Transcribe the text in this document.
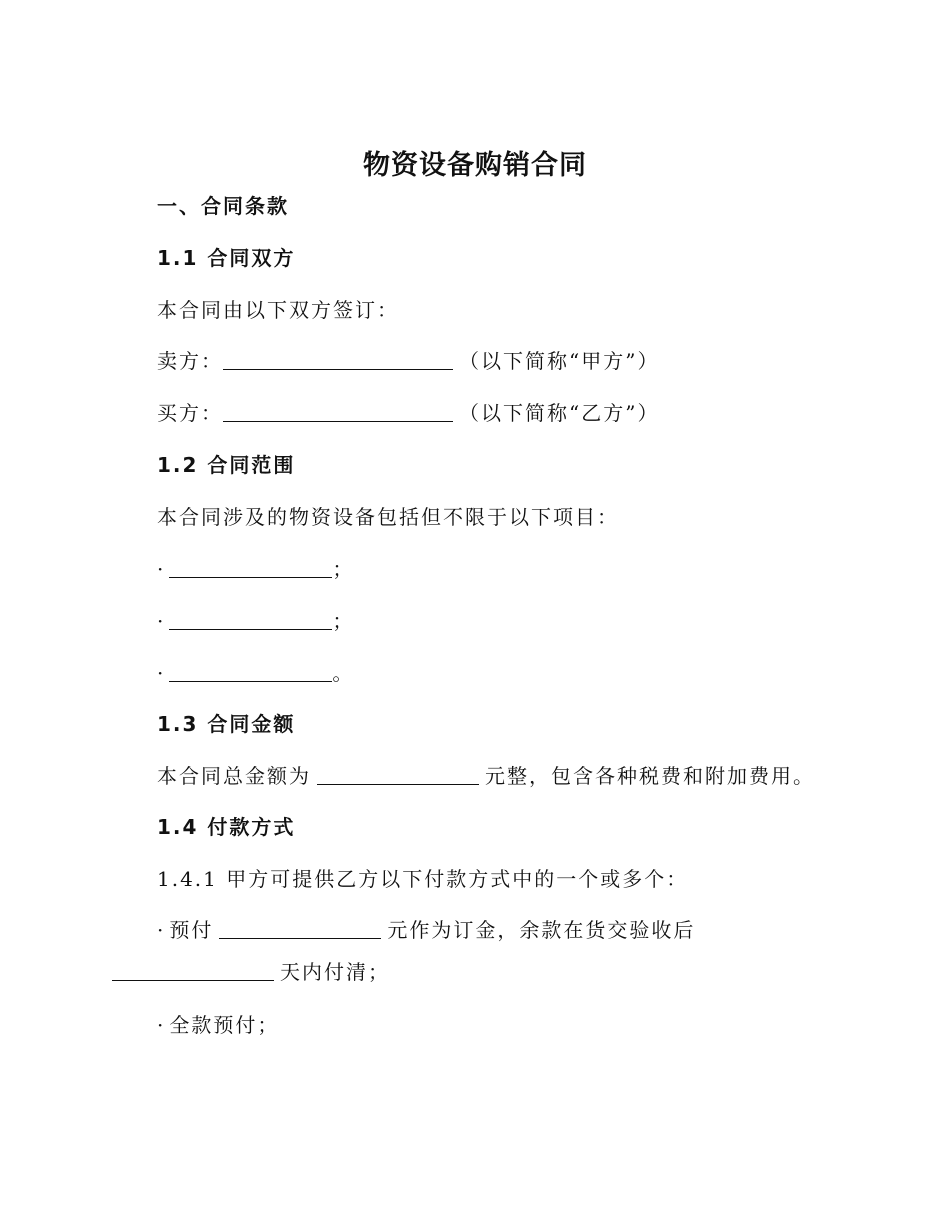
物资设备购销合同
一、合同条款
1.1 合同双方
本合同由以下双方签订：
卖方：	（以下简称“甲方”）
买方：	（以下简称“乙方”）
1.2 合同范围
本合同涉及的物资设备包括但不限于以下项目：
·	；
·	；
·	。
1.3 合同金额
本合同总金额为	元整，包含各种税费和附加费用。
1.4 付款方式
1.4.1 甲方可提供乙方以下付款方式中的一个或多个：
· 预付	元作为订金，余款在货交验收后
天内付清；
· 全款预付；
